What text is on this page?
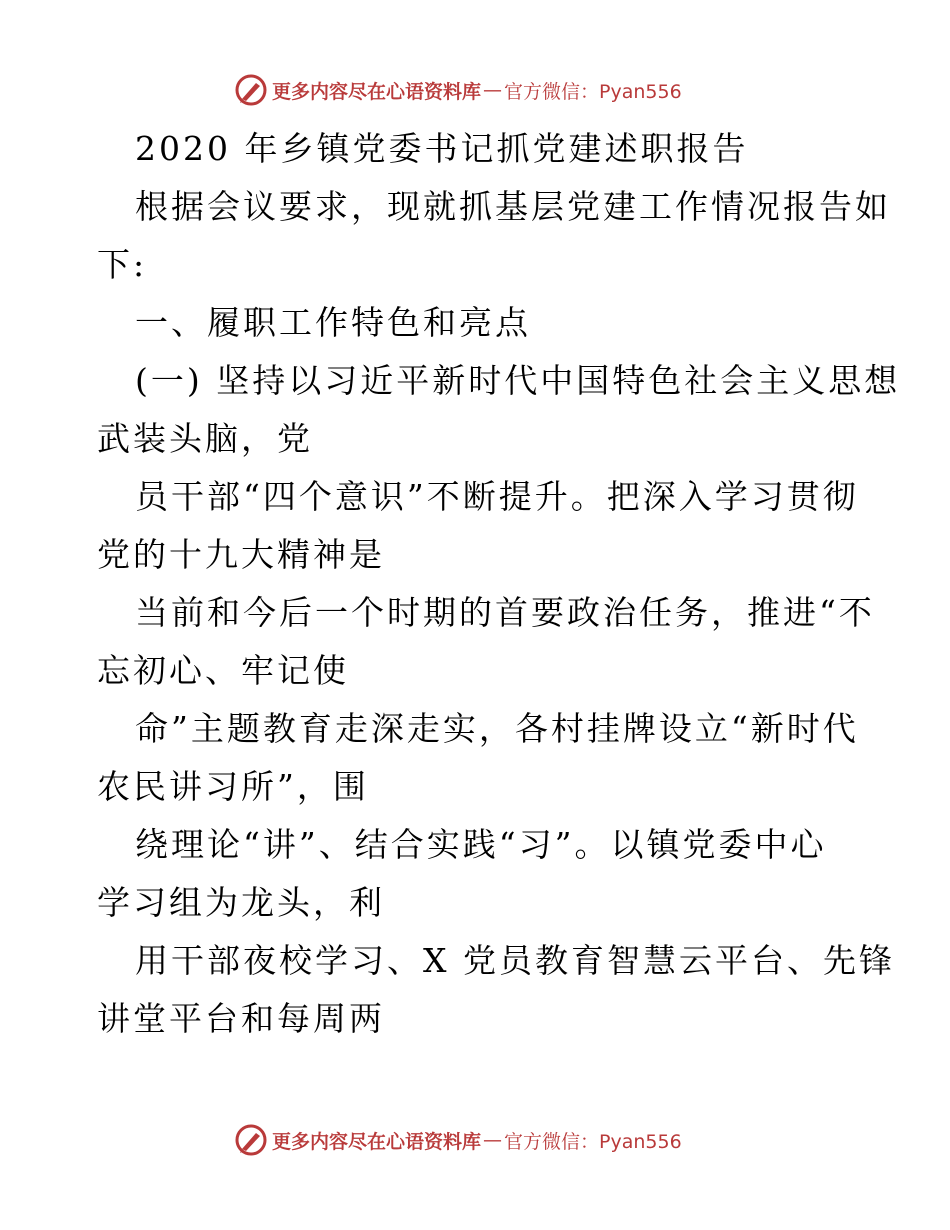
更多内容尽在心语资料库 — 官方微信：Pyan556
2020 年乡镇党委书记抓党建述职报告
根据会议要求，现就抓基层党建工作情况报告如
下:
一、履职工作特色和亮点
(一) 坚持以习近平新时代中国特色社会主义思想
武装头脑，党
员干部“四个意识”不断提升。把深入学习贯彻
党的十九大精神是
当前和今后一个时期的首要政治任务，推进“不
忘初心、牢记使
命”主题教育走深走实，各村挂牌设立“新时代
农民讲习所”，围
绕理论“讲”、结合实践“习”。以镇党委中心
学习组为龙头，利
用干部夜校学习、X 党员教育智慧云平台、先锋
讲堂平台和每周两
更多内容尽在心语资料库 — 官方微信：Pyan556
